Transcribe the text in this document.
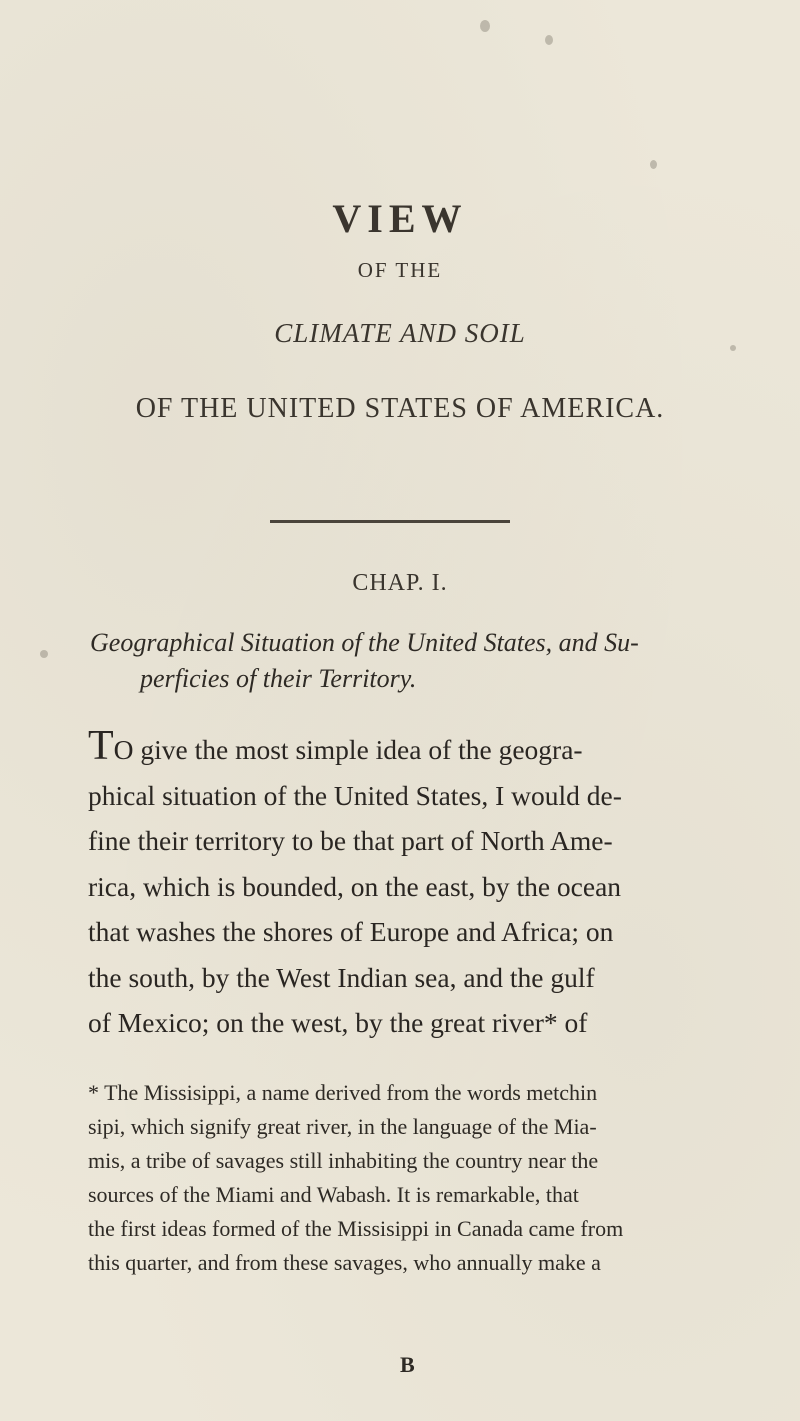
VIEW
OF THE
CLIMATE AND SOIL
OF THE UNITED STATES OF AMERICA.
CHAP. I.
Geographical Situation of the United States, and Su-
perficies of their Territory.
TO give the most simple idea of the geogra-
phical situation of the United States, I would de-
fine their territory to be that part of North Ame-
rica, which is bounded, on the east, by the ocean
that washes the shores of Europe and Africa; on
the south, by the West Indian sea, and the gulf
of Mexico; on the west, by the great river* of
* The Missisippi, a name derived from the words metchin
sipi, which signify great river, in the language of the Mia-
mis, a tribe of savages still inhabiting the country near the
sources of the Miami and Wabash. It is remarkable, that
the first ideas formed of the Missisippi in Canada came from
this quarter, and from these savages, who annually make a
B
